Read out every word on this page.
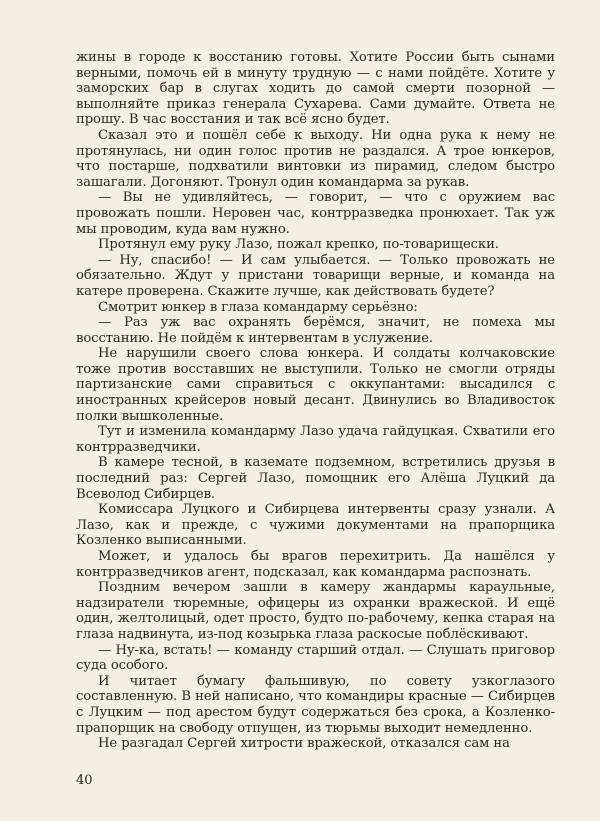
жины в городе к восстанию готовы. Хотите России быть сынами верными, помочь ей в минуту трудную — с нами пойдёте. Хотите у заморских бар в слугах ходить до самой смерти позорной — выполняйте приказ генерала Сухарева. Сами думайте. Ответа не прошу. В час восстания и так всё ясно будет.

Сказал это и пошёл себе к выходу. Ни одна рука к нему не протянулась, ни один голос против не раздался. А трое юнкеров, что постарше, подхватили винтовки из пирамид, следом быстро зашагали. Догоняют. Тронул один командарма за рукав.

— Вы не удивляйтесь, — говорит, — что с оружием вас провожать пошли. Неровен час, контрразведка пронюхает. Так уж мы проводим, куда вам нужно.

Протянул ему руку Лазо, пожал крепко, по-товарищески.

— Ну, спасибо! — И сам улыбается. — Только провожать не обязательно. Ждут у пристани товарищи верные, и команда на катере проверена. Скажите лучше, как действовать будете?

Смотрит юнкер в глаза командарму серьёзно:

— Раз уж вас охранять берёмся, значит, не помеха мы восстанию. Не пойдём к интервентам в услужение.

Не нарушили своего слова юнкера. И солдаты колчаковские тоже против восставших не выступили. Только не смогли отряды партизанские сами справиться с оккупантами: высадился с иностранных крейсеров новый десант. Двинулись во Владивосток полки вышколенные.

Тут и изменила командарму Лазо удача гайдуцкая. Схватили его контрразведчики.

В камере тесной, в каземате подземном, встретились друзья в последний раз: Сергей Лазо, помощник его Алёша Луцкий да Всеволод Сибирцев.

Комиссара Луцкого и Сибирцева интервенты сразу узнали. А Лазо, как и прежде, с чужими документами на прапорщика Козленко выписанными.

Может, и удалось бы врагов перехитрить. Да нашёлся у контрразведчиков агент, подсказал, как командарма распознать.

Поздним вечером зашли в камеру жандармы караульные, надзиратели тюремные, офицеры из охранки вражеской. И ещё один, желтолицый, одет просто, будто по-рабочему, кепка старая на глаза надвинута, из-под козырька глаза раскосые поблёскивают.

— Ну-ка, встать! — команду старший отдал. — Слушать приговор суда особого.

И читает бумагу фальшивую, по совету узкоглазого составленную. В ней написано, что командиры красные — Сибирцев с Луцким — под арестом будут содержаться без срока, а Козленко-прапорщик на свободу отпущен, из тюрьмы выходит немедленно.

Не разгадал Сергей хитрости вражеской, отказался сам на

40
